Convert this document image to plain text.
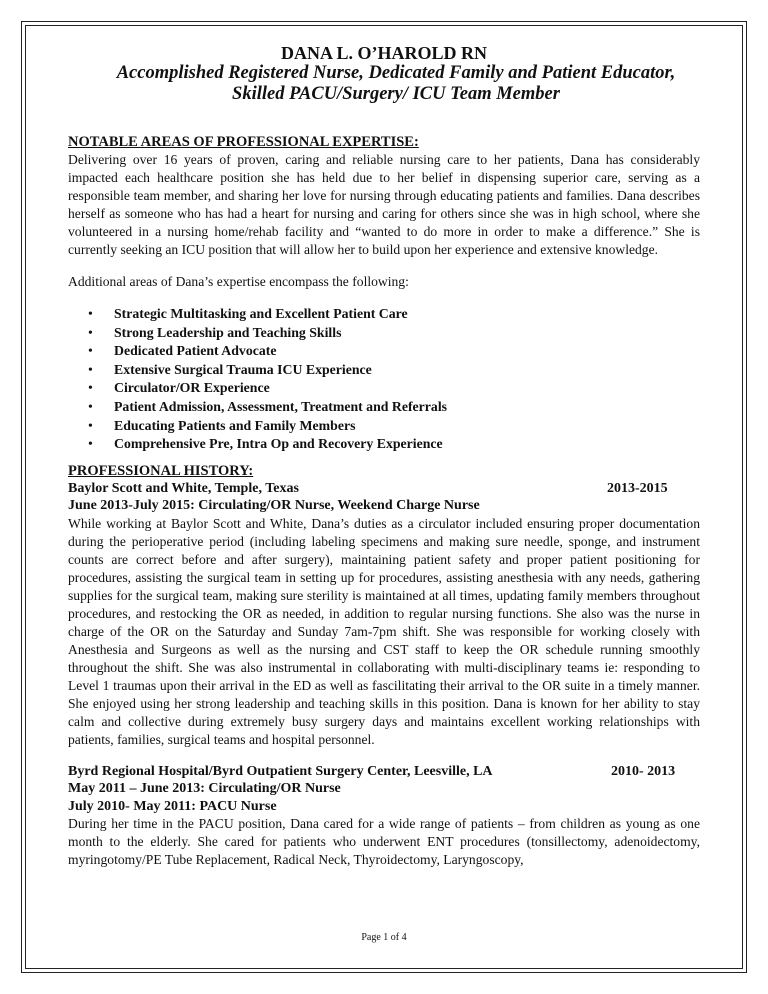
DANA L. O’HAROLD RN

Accomplished Registered Nurse, Dedicated Family and Patient Educator,

Skilled PACU/Surgery/ ICU Team Member

NOTABLE AREAS OF PROFESSIONAL EXPERTISE:

Delivering over 16 years of proven, caring and reliable nursing care to her patients, Dana has considerably impacted each healthcare position she has held due to her belief in dispensing superior care, serving as a responsible team member, and sharing her love for nursing through educating patients and families. Dana describes herself as someone who has had a heart for nursing and caring for others since she was in high school, where she volunteered in a nursing home/rehab facility and “wanted to do more in order to make a difference.” She is currently seeking an ICU position that will allow her to build upon her experience and extensive knowledge.

Additional areas of Dana’s expertise encompass the following:

• Strategic Multitasking and Excellent Patient Care
• Strong Leadership and Teaching Skills
• Dedicated Patient Advocate
• Extensive Surgical Trauma ICU Experience
• Circulator/OR Experience
• Patient Admission, Assessment, Treatment and Referrals
• Educating Patients and Family Members
• Comprehensive Pre, Intra Op and Recovery Experience

PROFESSIONAL HISTORY:

Baylor Scott and White, Temple, Texas	2013-2015

June 2013-July 2015: Circulating/OR Nurse, Weekend Charge Nurse

While working at Baylor Scott and White, Dana’s duties as a circulator included ensuring proper documentation during the perioperative period (including labeling specimens and making sure needle, sponge, and instrument counts are correct before and after surgery), maintaining patient safety and proper patient positioning for procedures, assisting the surgical team in setting up for procedures, assisting anesthesia with any needs, gathering supplies for the surgical team, making sure sterility is maintained at all times, updating family members throughout procedures, and restocking the OR as needed, in addition to regular nursing functions. She also was the nurse in charge of the OR on the Saturday and Sunday 7am-7pm shift. She was responsible for working closely with Anesthesia and Surgeons as well as the nursing and CST staff to keep the OR schedule running smoothly throughout the shift. She was also instrumental in collaborating with multi-disciplinary teams ie: responding to Level 1 traumas upon their arrival in the ED as well as fascilitating their arrival to the OR suite in a timely manner. She enjoyed using her strong leadership and teaching skills in this position. Dana is known for her ability to stay calm and collective during extremely busy surgery days and maintains excellent working relationships with patients, families, surgical teams and hospital personnel.

Byrd Regional Hospital/Byrd Outpatient Surgery Center, Leesville, LA	2010- 2013

May 2011 – June 2013: Circulating/OR Nurse

July 2010- May 2011: PACU Nurse

During her time in the PACU position, Dana cared for a wide range of patients – from children as young as one month to the elderly. She cared for patients who underwent ENT procedures (tonsillectomy, adenoidectomy, myringotomy/PE Tube Replacement, Radical Neck, Thyroidectomy, Laryngoscopy,

Page 1 of 4
